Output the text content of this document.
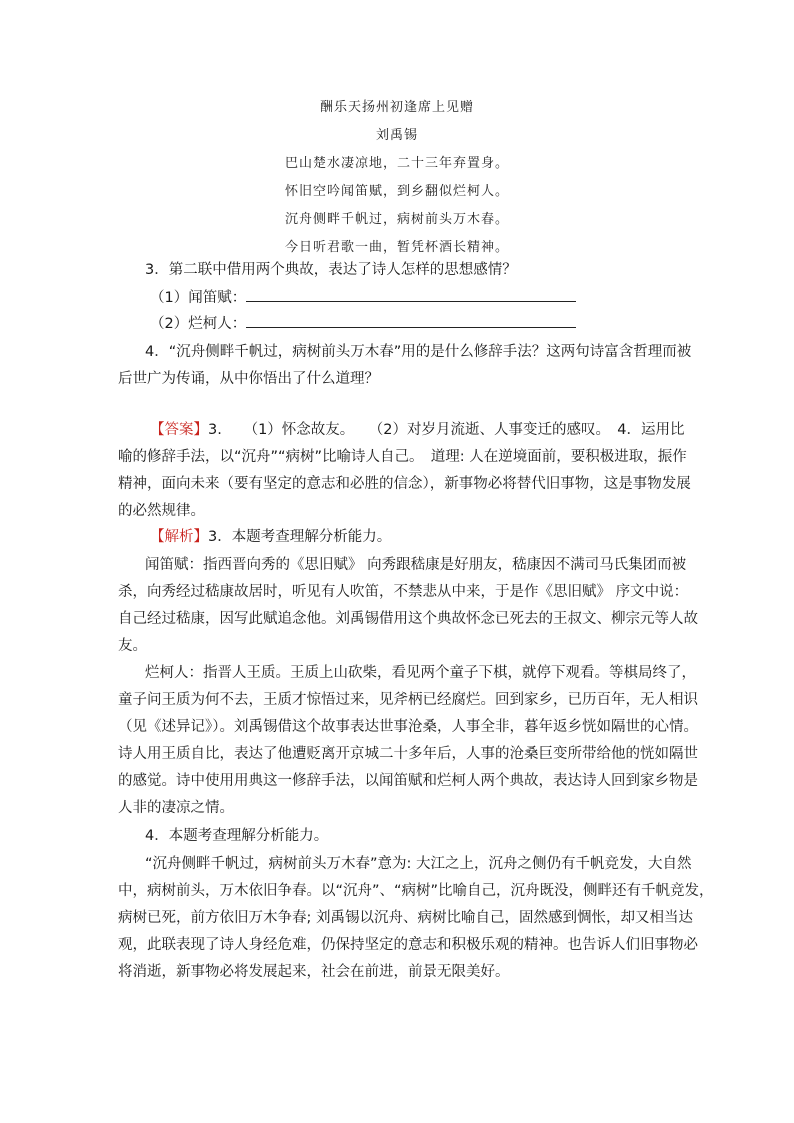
酬乐天扬州初逢席上见赠
刘禹锡
巴山楚水凄凉地，二十三年弃置身。
怀旧空吟闻笛赋，到乡翻似烂柯人。
沉舟侧畔千帆过，病树前头万木春。
今日听君歌一曲，暂凭杯酒长精神。
3．第二联中借用两个典故，表达了诗人怎样的思想感情？
（1）闻笛赋：
（2）烂柯人：
4．“沉舟侧畔千帆过，病树前头万木春”用的是什么修辞手法？这两句诗富含哲理而被
后世广为传诵，从中你悟出了什么道理？
【答案】3.　　（1）怀念故友。　　（2）对岁月流逝、人事变迁的感叹。　4．运用比
喻的修辞手法，以“沉舟”“病树”比喻诗人自己。　道理: 人在逆境面前，要积极进取，振作
精神，面向未来（要有坚定的意志和必胜的信念），新事物必将替代旧事物，这是事物发展
的必然规律。
【解析】3．本题考查理解分析能力。
闻笛赋：指西晋向秀的《思旧赋》 向秀跟嵇康是好朋友，嵇康因不满司马氏集团而被
杀，向秀经过嵇康故居时，听见有人吹笛，不禁悲从中来，于是作《思旧赋》 序文中说：
自己经过嵇康，因写此赋追念他。刘禹锡借用这个典故怀念已死去的王叔文、柳宗元等人故
友。
烂柯人：指晋人王质。王质上山砍柴，看见两个童子下棋，就停下观看。等棋局终了，
童子问王质为何不去，王质才惊悟过来，见斧柄已经腐烂。回到家乡，已历百年，无人相识
（见《述异记》）。刘禹锡借这个故事表达世事沧桑，人事全非，暮年返乡恍如隔世的心情。
诗人用王质自比，表达了他遭贬离开京城二十多年后，人事的沧桑巨变所带给他的恍如隔世
的感觉。诗中使用用典这一修辞手法，以闻笛赋和烂柯人两个典故，表达诗人回到家乡物是
人非的凄凉之情。
4．本题考查理解分析能力。
“沉舟侧畔千帆过，病树前头万木春”意为: 大江之上，沉舟之侧仍有千帆竞发，大自然
中，病树前头，万木依旧争春。以“沉舟”、“病树”比喻自己，沉舟既没，侧畔还有千帆竞发，
病树已死，前方依旧万木争春; 刘禹锡以沉舟、病树比喻自己，固然感到惆怅，却又相当达
观，此联表现了诗人身经危难，仍保持坚定的意志和积极乐观的精神。也告诉人们旧事物必
将消逝，新事物必将发展起来，社会在前进，前景无限美好。
